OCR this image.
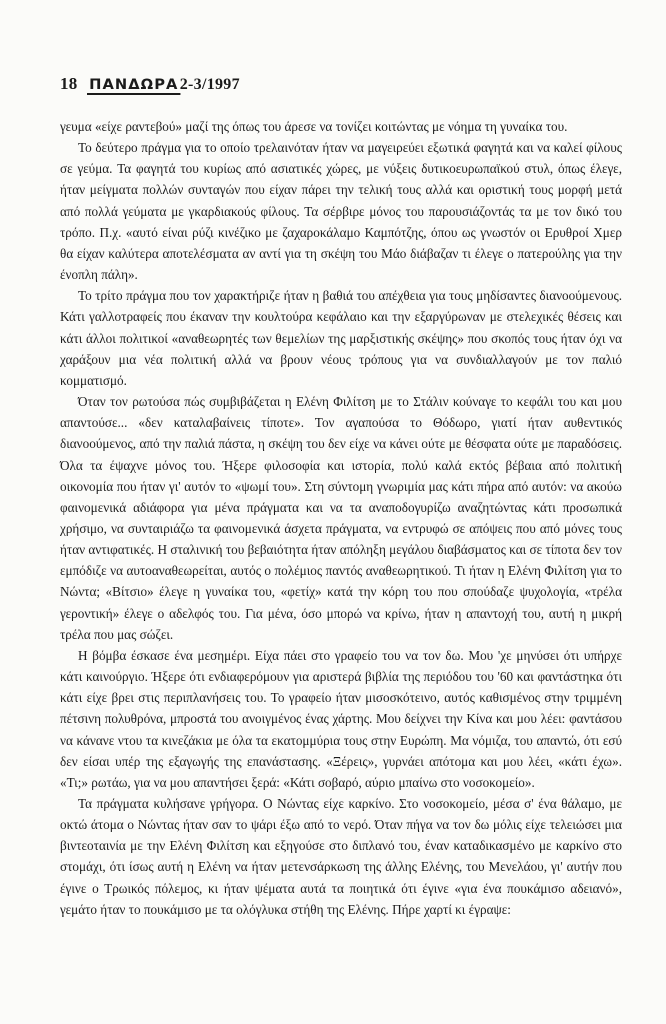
18 ΠΑΝΔΩΡΑ 2-3/1997

γευμα «είχε ραντεβού» μαζί της όπως του άρεσε να τονίζει κοιτώντας με νόημα τη γυναίκα του.

Το δεύτερο πράγμα για το οποίο τρελαινόταν ήταν να μαγειρεύει εξωτικά φαγητά και να καλεί φίλους σε γεύμα. Τα φαγητά του κυρίως από ασιατικές χώρες, με νύξεις δυτικοευρωπαϊκού στυλ, όπως έλεγε, ήταν μείγματα πολλών συνταγών που είχαν πάρει την τελική τους αλλά και οριστική τους μορφή μετά από πολλά γεύματα με γκαρδιακούς φίλους. Τα σέρβιρε μόνος του παρουσιάζοντάς τα με τον δικό του τρόπο. Π.χ. «αυτό είναι ρύζι κινέζικο με ζαχαροκάλαμο Καμπότζης, όπου ως γνωστόν οι Ερυθροί Χμερ θα είχαν καλύτερα αποτελέσματα αν αντί για τη σκέψη του Μάο διάβαζαν τι έλεγε ο πατερούλης για την ένοπλη πάλη».

Το τρίτο πράγμα που τον χαρακτήριζε ήταν η βαθιά του απέχθεια για τους μηδίσαντες διανοούμενους. Κάτι γαλλοτραφείς που έκαναν την κουλτούρα κεφάλαιο και την εξαργύρωναν με στελεχικές θέσεις και κάτι άλλοι πολιτικοί «αναθεωρητές των θεμελίων της μαρξιστικής σκέψης» που σκοπός τους ήταν όχι να χαράξουν μια νέα πολιτική αλλά να βρουν νέους τρόπους για να συνδιαλλαγούν με τον παλιό κομματισμό.

Όταν τον ρωτούσα πώς συμβιβάζεται η Ελένη Φιλίτση με το Στάλιν κούναγε το κεφάλι του και μου απαντούσε... «δεν καταλαβαίνεις τίποτε». Τον αγαπούσα το Θόδωρο, γιατί ήταν αυθεντικός διανοούμενος, από την παλιά πάστα, η σκέψη του δεν είχε να κάνει ούτε με θέσφατα ούτε με παραδόσεις. Όλα τα έψαχνε μόνος του. Ήξερε φιλοσοφία και ιστορία, πολύ καλά εκτός βέβαια από πολιτική οικονομία που ήταν γι' αυτόν το «ψωμί του». Στη σύντομη γνωριμία μας κάτι πήρα από αυτόν: να ακούω φαινομενικά αδιάφορα για μένα πράγματα και να τα αναποδογυρίζω αναζητώντας κάτι προσωπικά χρήσιμο, να συνταιριάζω τα φαινομενικά άσχετα πράγματα, να εντρυφώ σε απόψεις που από μόνες τους ήταν αντιφατικές. Η σταλινική του βεβαιότητα ήταν απόληξη μεγάλου διαβάσματος και σε τίποτα δεν τον εμπόδιζε να αυτοαναθεωρείται, αυτός ο πολέμιος παντός αναθεωρητικού. Τι ήταν η Ελένη Φιλίτση για το Νώντα; «Βίτσιο» έλεγε η γυναίκα του, «φετίχ» κατά την κόρη του που σπούδαζε ψυχολογία, «τρέλα γεροντική» έλεγε ο αδελφός του. Για μένα, όσο μπορώ να κρίνω, ήταν η απαντοχή του, αυτή η μικρή τρέλα που μας σώζει.

Η βόμβα έσκασε ένα μεσημέρι. Είχα πάει στο γραφείο του να τον δω. Μου 'χε μηνύσει ότι υπήρχε κάτι καινούργιο. Ήξερε ότι ενδιαφερόμουν για αριστερά βιβλία της περιόδου του '60 και φαντάστηκα ότι κάτι είχε βρει στις περιπλανήσεις του. Το γραφείο ήταν μισοσκότεινο, αυτός καθισμένος στην τριμμένη πέτσινη πολυθρόνα, μπροστά του ανοιγμένος ένας χάρτης. Μου δείχνει την Κίνα και μου λέει: φαντάσου να κάνανε ντου τα κινεζάκια με όλα τα εκατομμύρια τους στην Ευρώπη. Μα νόμιζα, του απαντώ, ότι εσύ δεν είσαι υπέρ της εξαγωγής της επανάστασης. «Ξέρεις», γυρνάει απότομα και μου λέει, «κάτι έχω». «Τι;» ρωτάω, για να μου απαντήσει ξερά: «Κάτι σοβαρό, αύριο μπαίνω στο νοσοκομείο».

Τα πράγματα κυλήσανε γρήγορα. Ο Νώντας είχε καρκίνο. Στο νοσοκομείο, μέσα σ' ένα θάλαμο, με οκτώ άτομα ο Νώντας ήταν σαν το ψάρι έξω από το νερό. Όταν πήγα να τον δω μόλις είχε τελειώσει μια βιντεοταινία με την Ελένη Φιλίτση και εξηγούσε στο διπλανό του, έναν καταδικασμένο με καρκίνο στο στομάχι, ότι ίσως αυτή η Ελένη να ήταν μετενσάρκωση της άλλης Ελένης, του Μενελάου, γι' αυτήν που έγινε ο Τρωικός πόλεμος, κι ήταν ψέματα αυτά τα ποιητικά ότι έγινε «για ένα πουκάμισο αδειανό», γεμάτο ήταν το πουκάμισο με τα ολόγλυκα στήθη της Ελένης. Πήρε χαρτί κι έγραψε:
